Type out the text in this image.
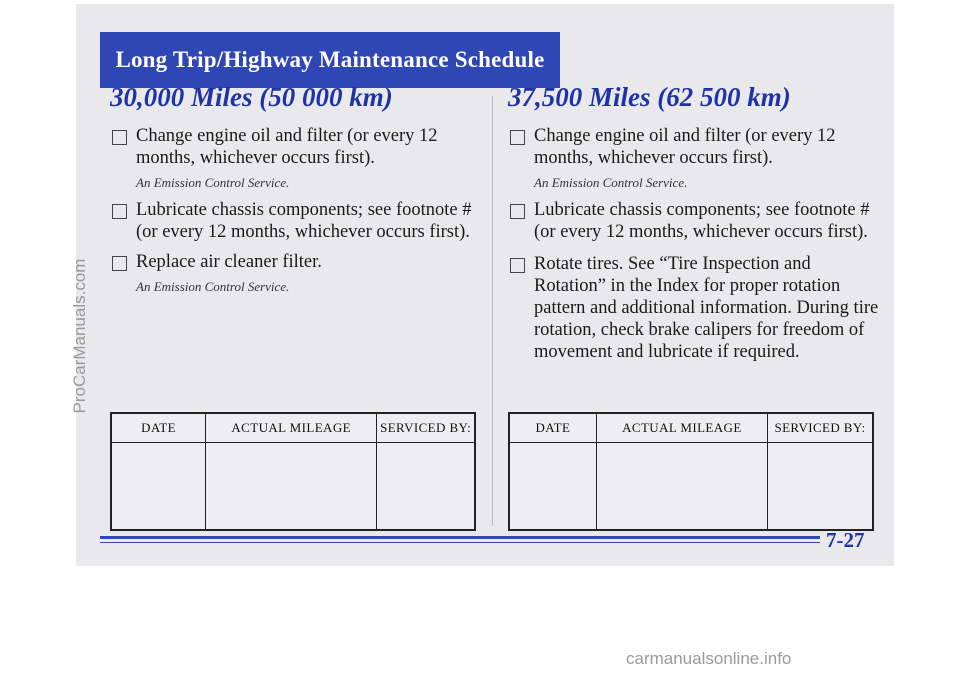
Long Trip/Highway Maintenance Schedule
30,000 Miles (50 000 km)
Change engine oil and filter (or every 12 months, whichever occurs first).
An Emission Control Service.
Lubricate chassis components; see footnote # (or every 12 months, whichever occurs first).
Replace air cleaner filter.
An Emission Control Service.
37,500 Miles (62 500 km)
Change engine oil and filter (or every 12 months, whichever occurs first).
An Emission Control Service.
Lubricate chassis components; see footnote # (or every 12 months, whichever occurs first).
Rotate tires. See “Tire Inspection and Rotation” in the Index for proper rotation pattern and additional information. During tire rotation, check brake calipers for freedom of movement and lubricate if required.
DATE	ACTUAL MILEAGE	SERVICED BY:
			DATE	ACTUAL MILEAGE	SERVICED BY:

7-27
ProCarManuals.com
carmanualsonline.info
